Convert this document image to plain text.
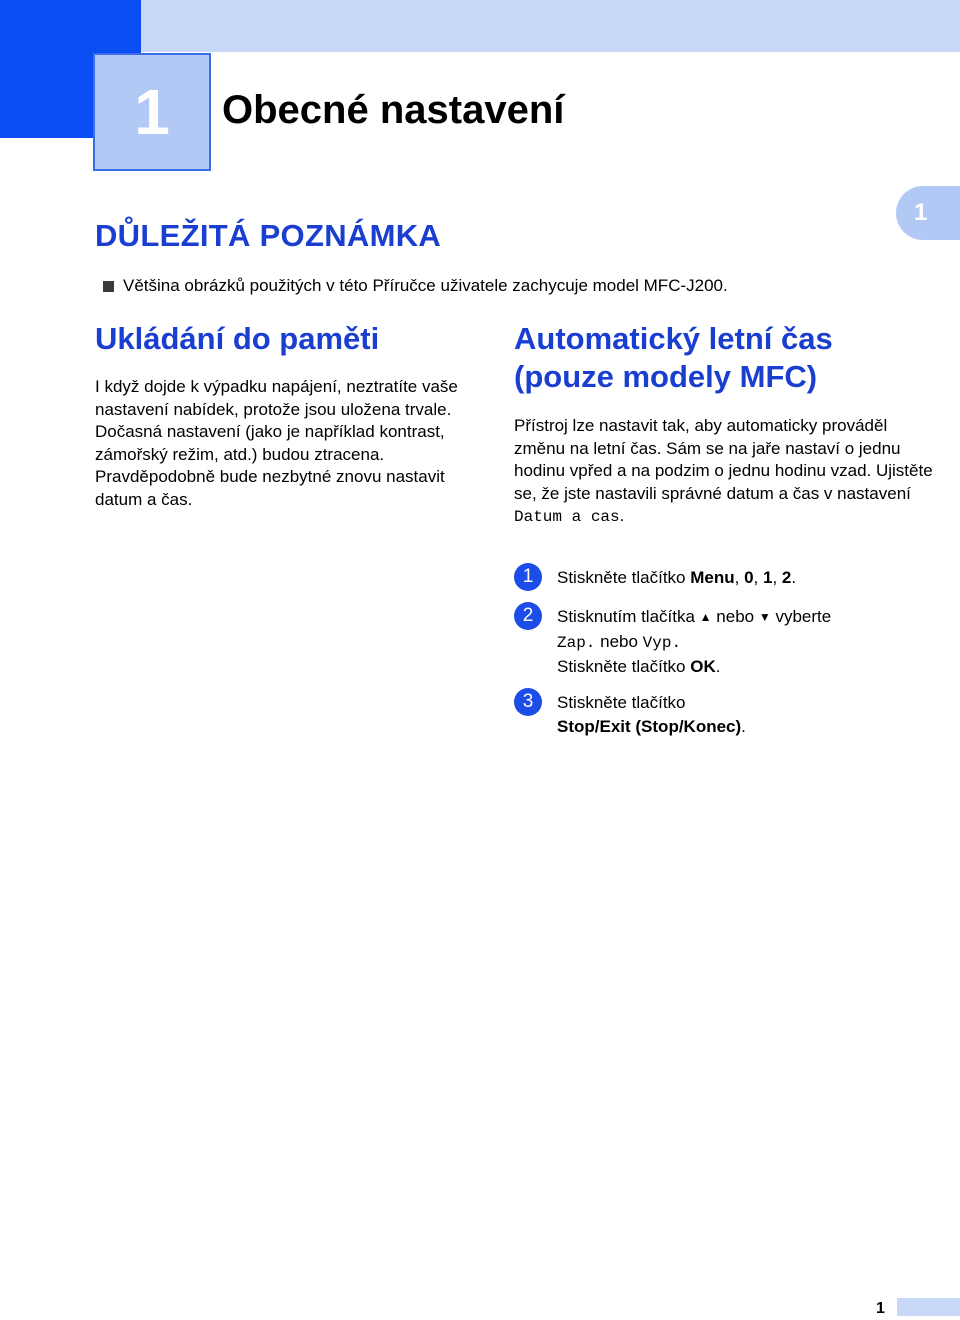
1 Obecné nastavení
1
DŮLEŽITÁ POZNÁMKA
Většina obrázků použitých v této Příručce uživatele zachycuje model MFC-J200.
Ukládání do paměti

I když dojde k výpadku napájení, neztratíte vaše nastavení nabídek, protože jsou uložena trvale. Dočasná nastavení (jako je například kontrast, zámořský režim, atd.) budou ztracena. Pravděpodobně bude nezbytné znovu nastavit datum a čas.

Automatický letní čas
(pouze modely MFC)

Přístroj lze nastavit tak, aby automaticky prováděl změnu na letní čas. Sám se na jaře nastaví o jednu hodinu vpřed a na podzim o jednu hodinu vzad. Ujistěte se, že jste nastavili správné datum a čas v nastavení Datum a cas.

1	Stiskněte tlačítko Menu, 0, 1, 2.
2	Stisknutím tlačítka ▲ nebo ▼ vyberte
Zap. nebo Vyp.
Stiskněte tlačítko OK.
3	Stiskněte tlačítko
Stop/Exit (Stop/Konec).
1
